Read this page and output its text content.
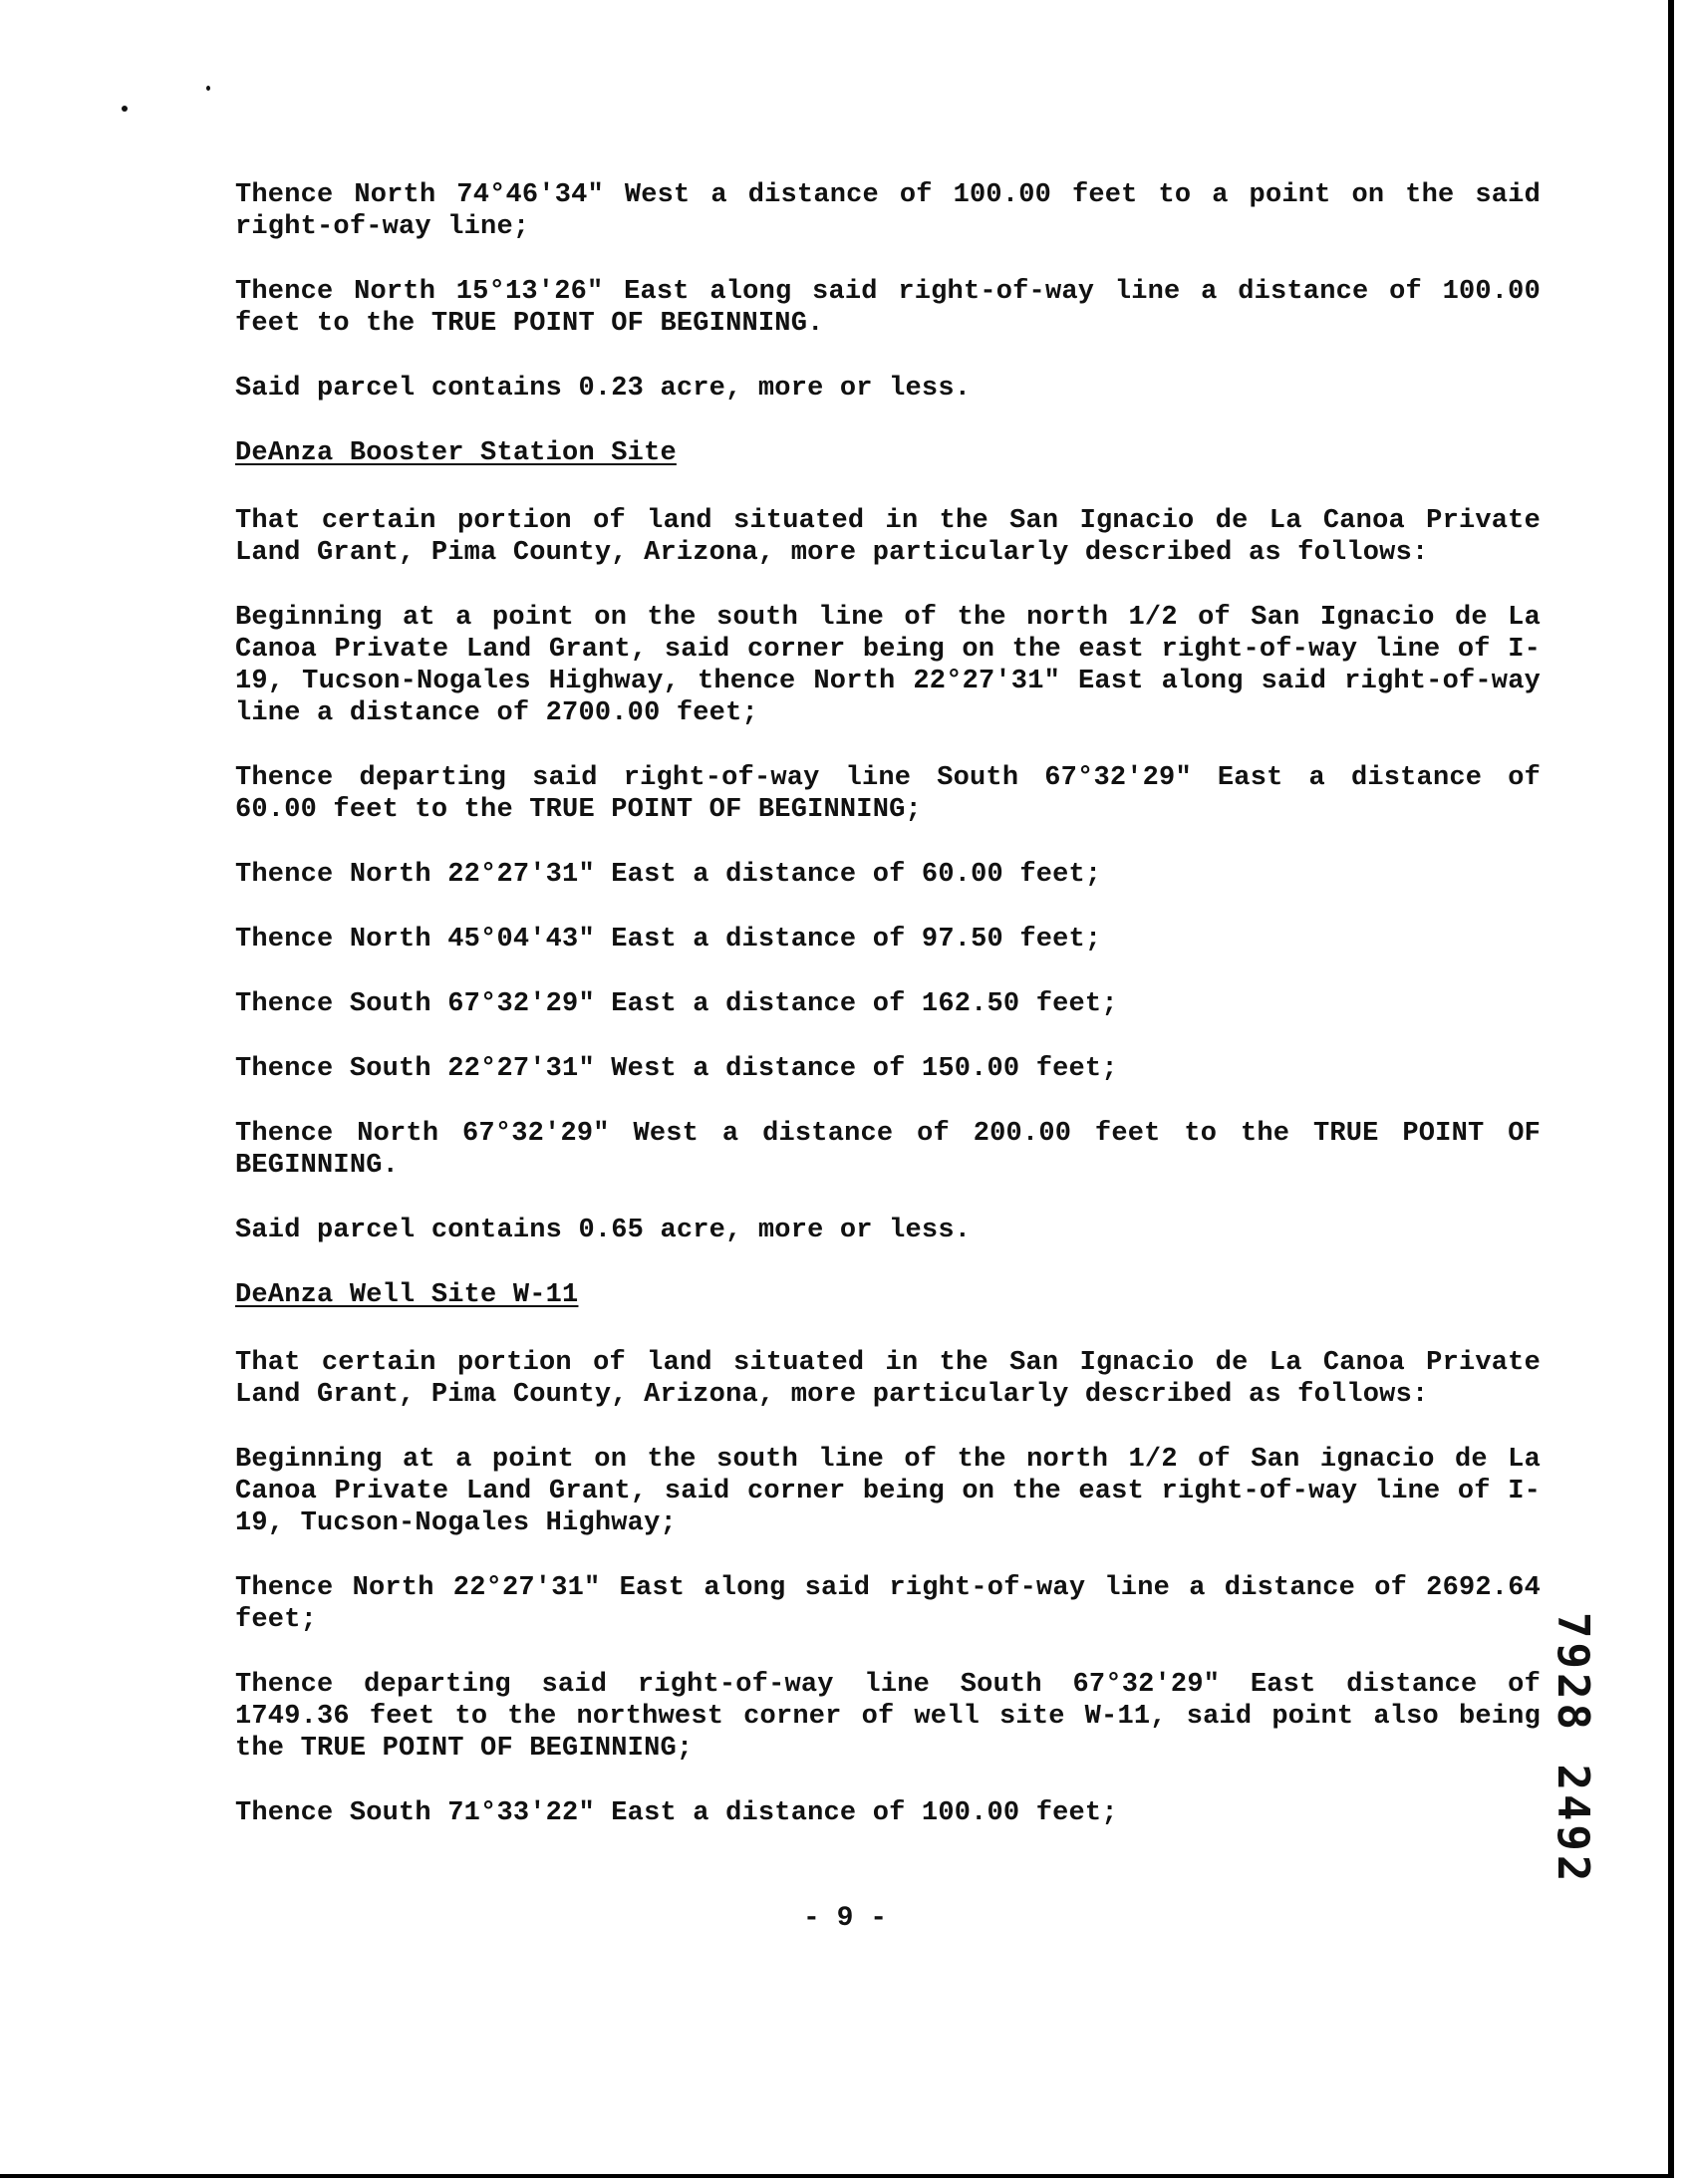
Thence North 74°46'34" West a distance of 100.00 feet to a point on the said right-of-way line;

Thence North 15°13'26" East along said right-of-way line a distance of 100.00 feet to the TRUE POINT OF BEGINNING.

Said parcel contains 0.23 acre, more or less.

DeAnza Booster Station Site

That certain portion of land situated in the San Ignacio de La Canoa Private Land Grant, Pima County, Arizona, more particularly described as follows:

Beginning at a point on the south line of the north 1/2 of San Ignacio de La Canoa Private Land Grant, said corner being on the east right-of-way line of I-19, Tucson-Nogales Highway, thence North 22°27'31" East along said right-of-way line a distance of 2700.00 feet;

Thence departing said right-of-way line South 67°32'29" East a distance of 60.00 feet to the TRUE POINT OF BEGINNING;

Thence North 22°27'31" East a distance of 60.00 feet;

Thence North 45°04'43" East a distance of 97.50 feet;

Thence South 67°32'29" East a distance of 162.50 feet;

Thence South 22°27'31" West a distance of 150.00 feet;

Thence North 67°32'29" West a distance of 200.00 feet to the TRUE POINT OF BEGINNING.

Said parcel contains 0.65 acre, more or less.

DeAnza Well Site W-11

That certain portion of land situated in the San Ignacio de La Canoa Private Land Grant, Pima County, Arizona, more particularly described as follows:

Beginning at a point on the south line of the north 1/2 of San ignacio de La Canoa Private Land Grant, said corner being on the east right-of-way line of I-19, Tucson-Nogales Highway;

Thence North 22°27'31" East along said right-of-way line a distance of 2692.64 feet;

Thence departing said right-of-way line South 67°32'29" East distance of 1749.36 feet to the northwest corner of well site W-11, said point also being the TRUE POINT OF BEGINNING;

Thence South 71°33'22" East a distance of 100.00 feet;

- 9 -
7928 2492
